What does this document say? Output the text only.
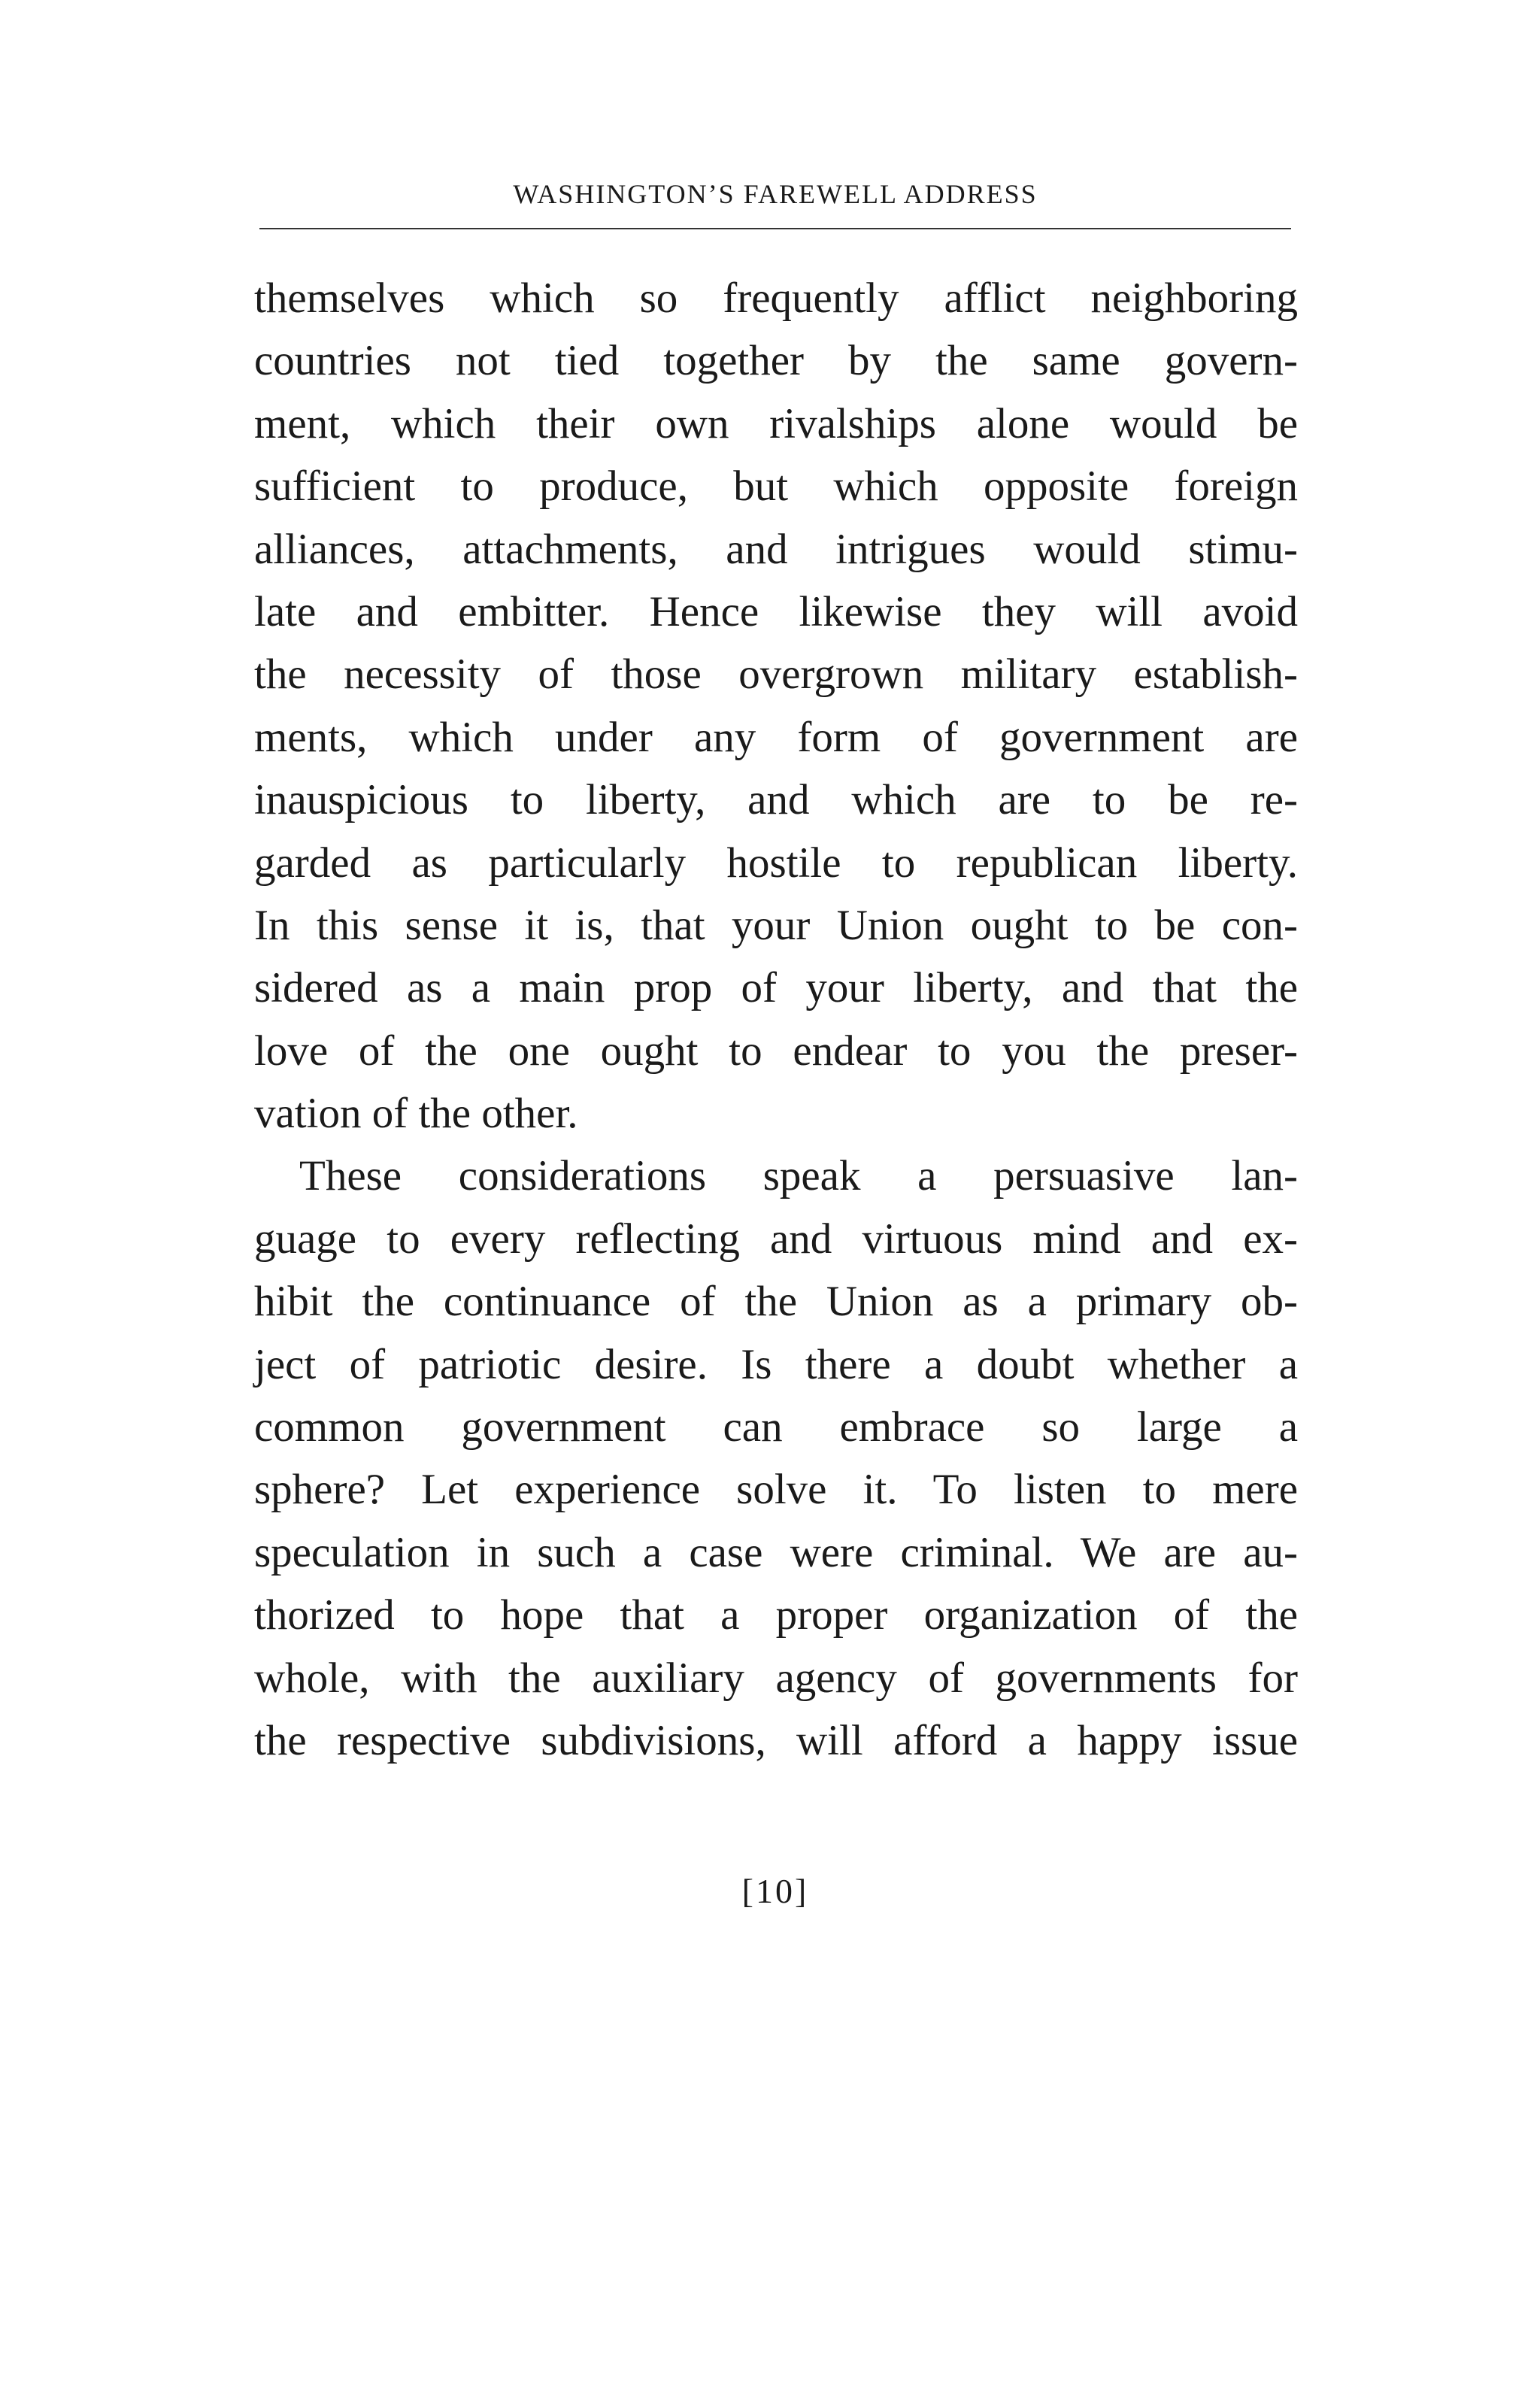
WASHINGTON’S FAREWELL ADDRESS
themselves which so frequently afflict neighboring
countries not tied together by the same govern-
ment, which their own rivalships alone would be
sufficient to produce, but which opposite foreign
alliances, attachments, and intrigues would stimu-
late and embitter. Hence likewise they will avoid
the necessity of those overgrown military establish-
ments, which under any form of government are
inauspicious to liberty, and which are to be re-
garded as particularly hostile to republican liberty.
In this sense it is, that your Union ought to be con-
sidered as a main prop of your liberty, and that the
love of the one ought to endear to you the preser-
vation of the other.
These considerations speak a persuasive lan-
guage to every reflecting and virtuous mind and ex-
hibit the continuance of the Union as a primary ob-
ject of patriotic desire. Is there a doubt whether a
common government can embrace so large a
sphere? Let experience solve it. To listen to mere
speculation in such a case were criminal. We are au-
thorized to hope that a proper organization of the
whole, with the auxiliary agency of governments for
the respective subdivisions, will afford a happy issue
[10]
